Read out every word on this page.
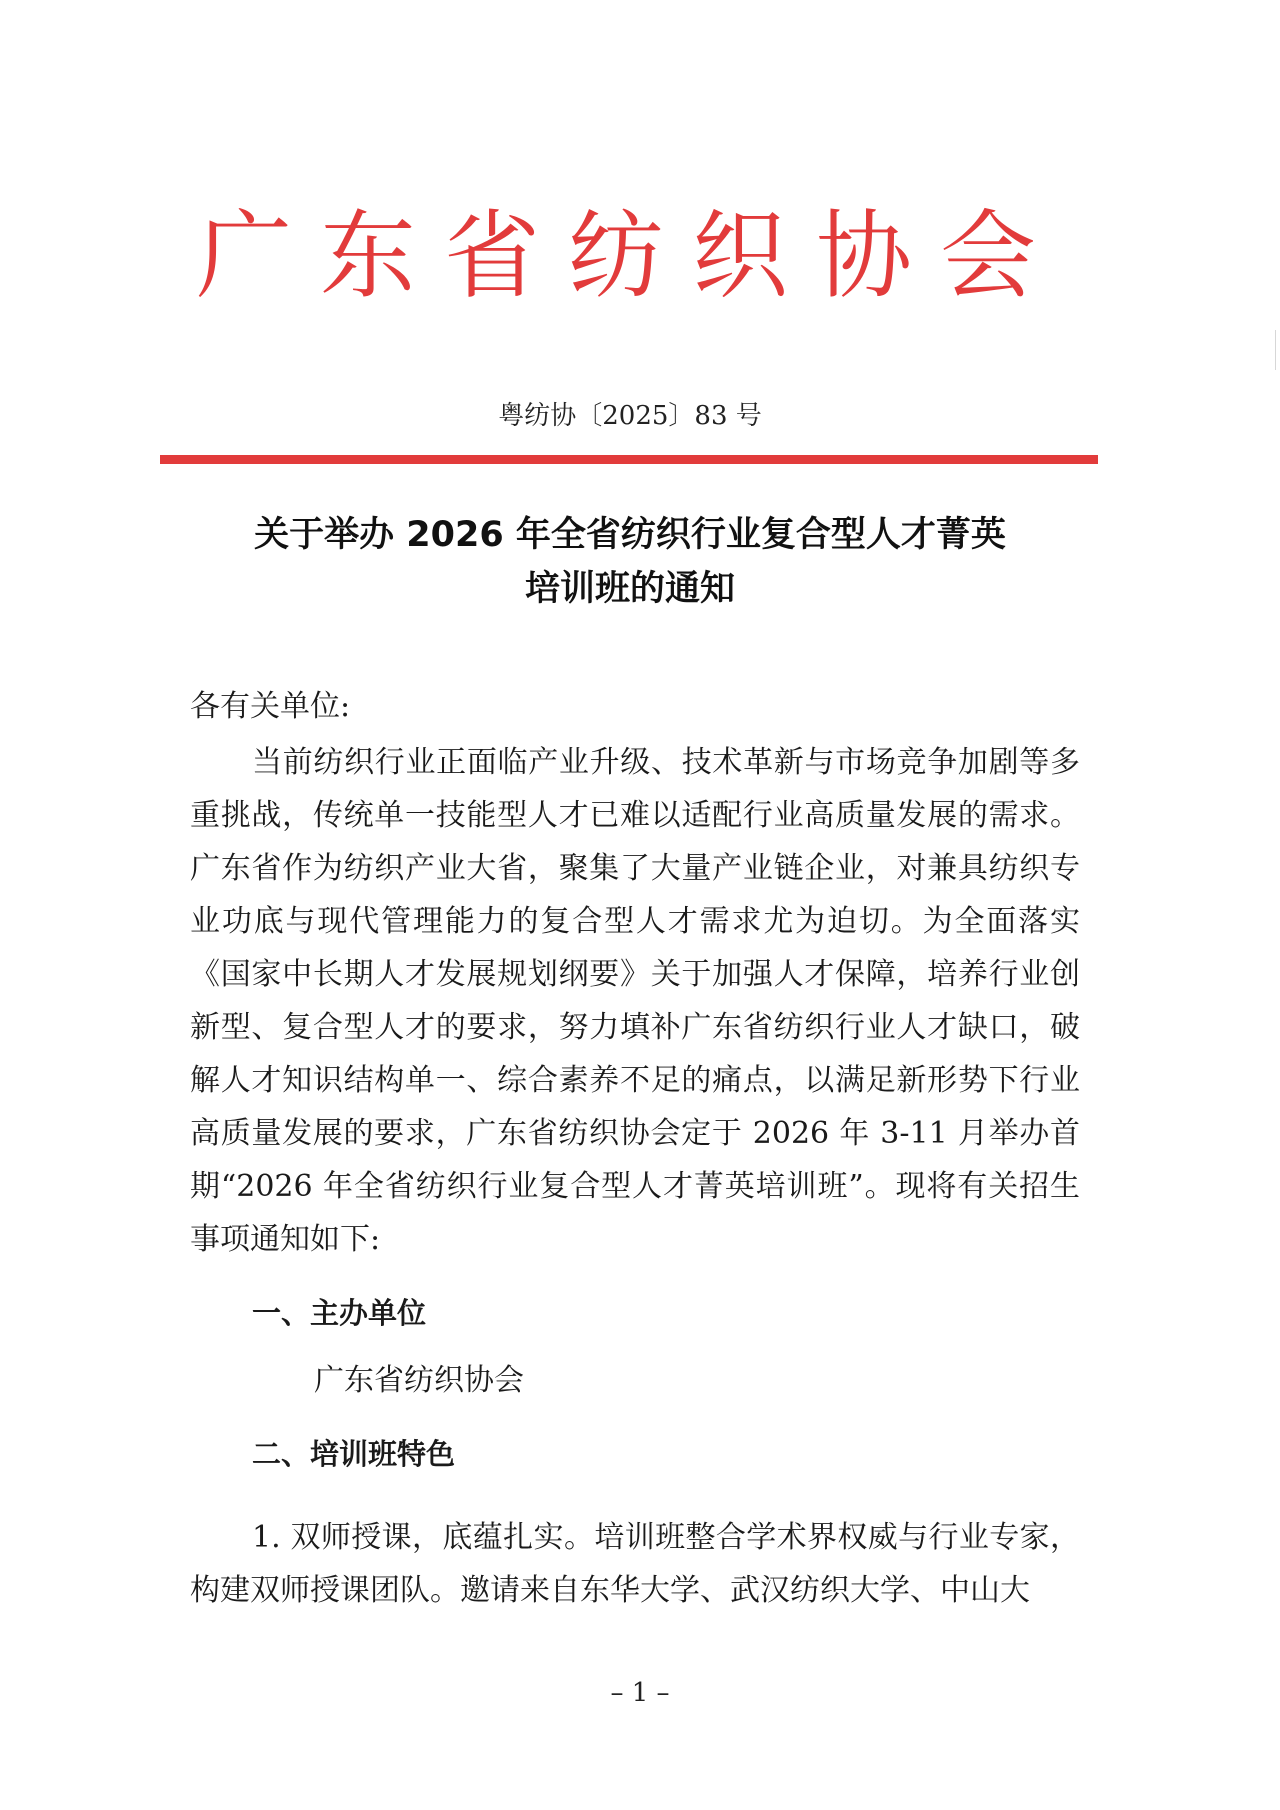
广东省纺织协会
粤纺协〔2025〕83 号
关于举办 2026 年全省纺织行业复合型人才菁英
培训班的通知

各有关单位:

当前纺织行业正面临产业升级、技术革新与市场竞争加剧等多重挑战，传统单一技能型人才已难以适配行业高质量发展的需求。广东省作为纺织产业大省，聚集了大量产业链企业，对兼具纺织专业功底与现代管理能力的复合型人才需求尤为迫切。为全面落实《国家中长期人才发展规划纲要》关于加强人才保障，培养行业创新型、复合型人才的要求，努力填补广东省纺织行业人才缺口，破解人才知识结构单一、综合素养不足的痛点，以满足新形势下行业高质量发展的要求，广东省纺织协会定于 2026 年 3-11 月举办首期“2026 年全省纺织行业复合型人才菁英培训班”。现将有关招生事项通知如下:

一、主办单位
广东省纺织协会
二、培训班特色

1. 双师授课，底蕴扎实。培训班整合学术界权威与行业专家，构建双师授课团队。邀请来自东华大学、武汉纺织大学、中山大

– 1 –
